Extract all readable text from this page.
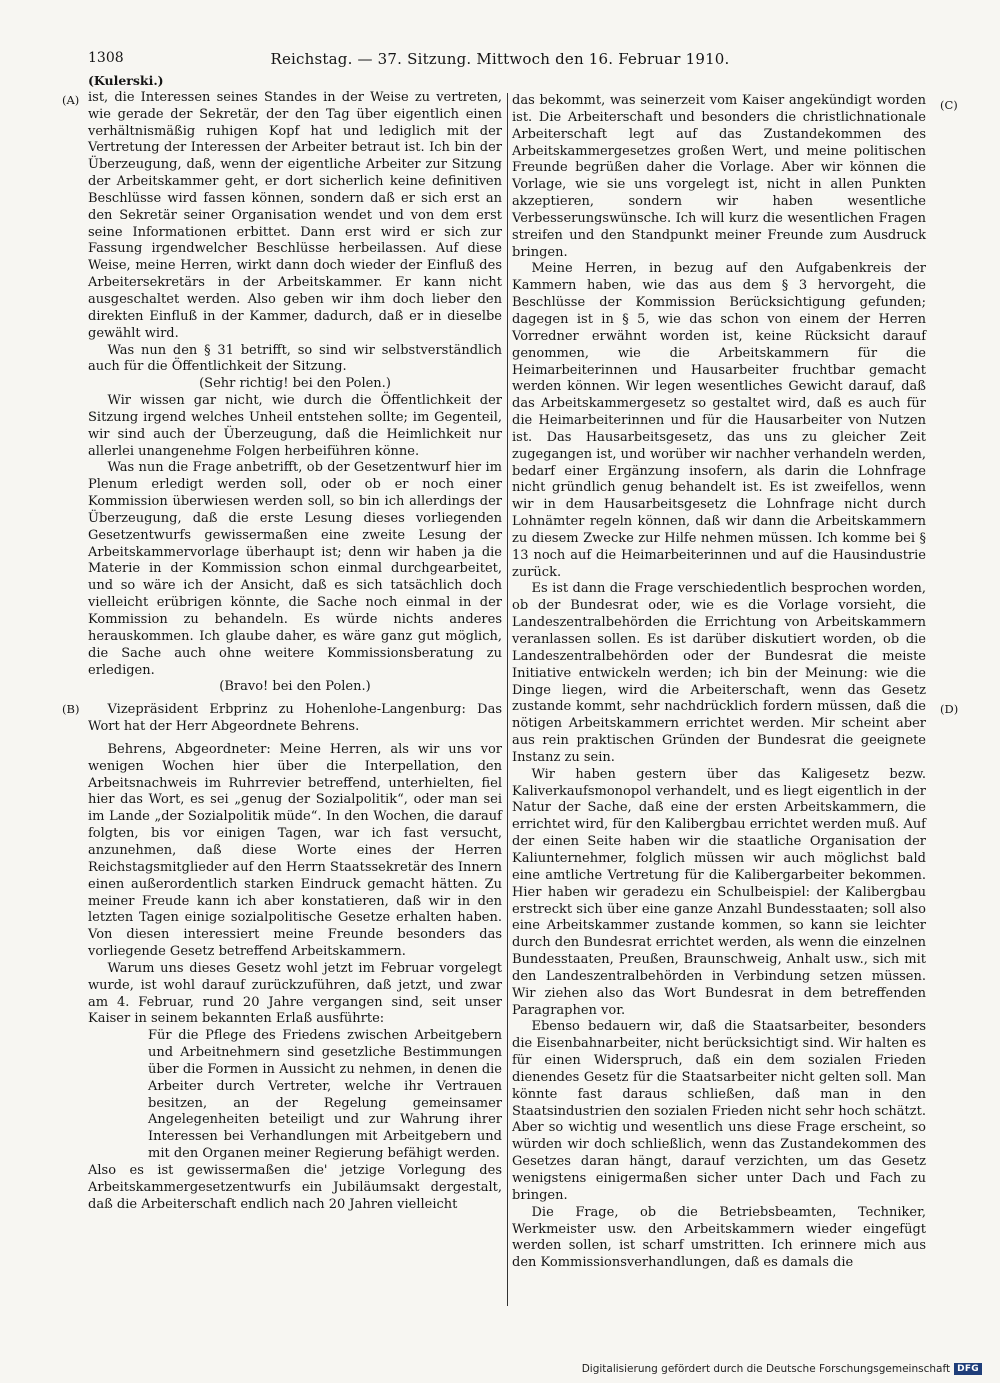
1308	Reichstag. — 37. Sitzung. Mittwoch den 16. Februar 1910.
(A)
(B)
(C)
(D)

(Kulerski.)

ist, die Interessen seines Standes in der Weise zu vertreten, wie gerade der Sekretär, der den Tag über eigentlich einen verhältnismäßig ruhigen Kopf hat und lediglich mit der Vertretung der Interessen der Arbeiter betraut ist. Ich bin der Überzeugung, daß, wenn der eigentliche Arbeiter zur Sitzung der Arbeitskammer geht, er dort sicherlich keine definitiven Beschlüsse wird fassen können, sondern daß er sich erst an den Sekretär seiner Organisation wendet und von dem erst seine Informationen erbittet. Dann erst wird er sich zur Fassung irgendwelcher Beschlüsse herbeilassen. Auf diese Weise, meine Herren, wirkt dann doch wieder der Einfluß des Arbeitersekretärs in der Arbeitskammer. Er kann nicht ausgeschaltet werden. Also geben wir ihm doch lieber den direkten Einfluß in der Kammer, dadurch, daß er in dieselbe gewählt wird.

Was nun den § 31 betrifft, so sind wir selbstverständlich auch für die Öffentlichkeit der Sitzung.

(Sehr richtig! bei den Polen.)

Wir wissen gar nicht, wie durch die Öffentlichkeit der Sitzung irgend welches Unheil entstehen sollte; im Gegenteil, wir sind auch der Überzeugung, daß die Heimlichkeit nur allerlei unangenehme Folgen herbeiführen könne.

Was nun die Frage anbetrifft, ob der Gesetzentwurf hier im Plenum erledigt werden soll, oder ob er noch einer Kommission überwiesen werden soll, so bin ich allerdings der Überzeugung, daß die erste Lesung dieses vorliegenden Gesetzentwurfs gewissermaßen eine zweite Lesung der Arbeitskammervorlage überhaupt ist; denn wir haben ja die Materie in der Kommission schon einmal durchgearbeitet, und so wäre ich der Ansicht, daß es sich tatsächlich doch vielleicht erübrigen könnte, die Sache noch einmal in der Kommission zu behandeln. Es würde nichts anderes herauskommen. Ich glaube daher, es wäre ganz gut möglich, die Sache auch ohne weitere Kommissionsberatung zu erledigen.

(Bravo! bei den Polen.)

Vizepräsident Erbprinz zu Hohenlohe-Langenburg: Das Wort hat der Herr Abgeordnete Behrens.

Behrens, Abgeordneter: Meine Herren, als wir uns vor wenigen Wochen hier über die Interpellation, den Arbeitsnachweis im Ruhrrevier betreffend, unterhielten, fiel hier das Wort, es sei „genug der Sozialpolitik“, oder man sei im Lande „der Sozialpolitik müde“. In den Wochen, die darauf folgten, bis vor einigen Tagen, war ich fast versucht, anzunehmen, daß diese Worte eines der Herren Reichstagsmitglieder auf den Herrn Staatssekretär des Innern einen außerordentlich starken Eindruck gemacht hätten. Zu meiner Freude kann ich aber konstatieren, daß wir in den letzten Tagen einige sozialpolitische Gesetze erhalten haben. Von diesen interessiert meine Freunde besonders das vorliegende Gesetz betreffend Arbeitskammern.

Warum uns dieses Gesetz wohl jetzt im Februar vorgelegt wurde, ist wohl darauf zurückzuführen, daß jetzt, und zwar am 4. Februar, rund 20 Jahre vergangen sind, seit unser Kaiser in seinem bekannten Erlaß ausführte:

Für die Pflege des Friedens zwischen Arbeitgebern und Arbeitnehmern sind gesetzliche Bestimmungen über die Formen in Aussicht zu nehmen, in denen die Arbeiter durch Vertreter, welche ihr Vertrauen besitzen, an der Regelung gemeinsamer Angelegenheiten beteiligt und zur Wahrung ihrer Interessen bei Verhandlungen mit Arbeitgebern und mit den Organen meiner Regierung befähigt werden.

Also es ist gewissermaßen die' jetzige Vorlegung des Arbeitskammergesetzentwurfs ein Jubiläumsakt dergestalt, daß die Arbeiterschaft endlich nach 20 Jahren vielleicht

das bekommt, was seinerzeit vom Kaiser angekündigt worden ist. Die Arbeiterschaft und besonders die christlichnationale Arbeiterschaft legt auf das Zustandekommen des Arbeitskammergesetzes großen Wert, und meine politischen Freunde begrüßen daher die Vorlage. Aber wir können die Vorlage, wie sie uns vorgelegt ist, nicht in allen Punkten akzeptieren, sondern wir haben wesentliche Verbesserungswünsche. Ich will kurz die wesentlichen Fragen streifen und den Standpunkt meiner Freunde zum Ausdruck bringen.

Meine Herren, in bezug auf den Aufgabenkreis der Kammern haben, wie das aus dem § 3 hervorgeht, die Beschlüsse der Kommission Berücksichtigung gefunden; dagegen ist in § 5, wie das schon von einem der Herren Vorredner erwähnt worden ist, keine Rücksicht darauf genommen, wie die Arbeitskammern für die Heimarbeiterinnen und Hausarbeiter fruchtbar gemacht werden können. Wir legen wesentliches Gewicht darauf, daß das Arbeitskammergesetz so gestaltet wird, daß es auch für die Heimarbeiterinnen und für die Hausarbeiter von Nutzen ist. Das Hausarbeitsgesetz, das uns zu gleicher Zeit zugegangen ist, und worüber wir nachher verhandeln werden, bedarf einer Ergänzung insofern, als darin die Lohnfrage nicht gründlich genug behandelt ist. Es ist zweifellos, wenn wir in dem Hausarbeitsgesetz die Lohnfrage nicht durch Lohnämter regeln können, daß wir dann die Arbeitskammern zu diesem Zwecke zur Hilfe nehmen müssen. Ich komme bei § 13 noch auf die Heimarbeiterinnen und auf die Hausindustrie zurück.

Es ist dann die Frage verschiedentlich besprochen worden, ob der Bundesrat oder, wie es die Vorlage vorsieht, die Landeszentralbehörden die Errichtung von Arbeitskammern veranlassen sollen. Es ist darüber diskutiert worden, ob die Landeszentralbehörden oder der Bundesrat die meiste Initiative entwickeln werden; ich bin der Meinung: wie die Dinge liegen, wird die Arbeiterschaft, wenn das Gesetz zustande kommt, sehr nachdrücklich fordern müssen, daß die nötigen Arbeitskammern errichtet werden. Mir scheint aber aus rein praktischen Gründen der Bundesrat die geeignete Instanz zu sein.

Wir haben gestern über das Kaligesetz bezw. Kaliverkaufsmonopol verhandelt, und es liegt eigentlich in der Natur der Sache, daß eine der ersten Arbeitskammern, die errichtet wird, für den Kalibergbau errichtet werden muß. Auf der einen Seite haben wir die staatliche Organisation der Kaliunternehmer, folglich müssen wir auch möglichst bald eine amtliche Vertretung für die Kalibergarbeiter bekommen. Hier haben wir geradezu ein Schulbeispiel: der Kalibergbau erstreckt sich über eine ganze Anzahl Bundesstaaten; soll also eine Arbeitskammer zustande kommen, so kann sie leichter durch den Bundesrat errichtet werden, als wenn die einzelnen Bundesstaaten, Preußen, Braunschweig, Anhalt usw., sich mit den Landeszentralbehörden in Verbindung setzen müssen. Wir ziehen also das Wort Bundesrat in dem betreffenden Paragraphen vor.

Ebenso bedauern wir, daß die Staatsarbeiter, besonders die Eisenbahnarbeiter, nicht berücksichtigt sind. Wir halten es für einen Widerspruch, daß ein dem sozialen Frieden dienendes Gesetz für die Staatsarbeiter nicht gelten soll. Man könnte fast daraus schließen, daß man in den Staatsindustrien den sozialen Frieden nicht sehr hoch schätzt. Aber so wichtig und wesentlich uns diese Frage erscheint, so würden wir doch schließlich, wenn das Zustandekommen des Gesetzes daran hängt, darauf verzichten, um das Gesetz wenigstens einigermaßen sicher unter Dach und Fach zu bringen.

Die Frage, ob die Betriebsbeamten, Techniker, Werkmeister usw. den Arbeitskammern wieder eingefügt werden sollen, ist scharf umstritten. Ich erinnere mich aus den Kommissionsverhandlungen, daß es damals die

Digitalisierung gefördert durch die Deutsche Forschungsgemeinschaft DFG
